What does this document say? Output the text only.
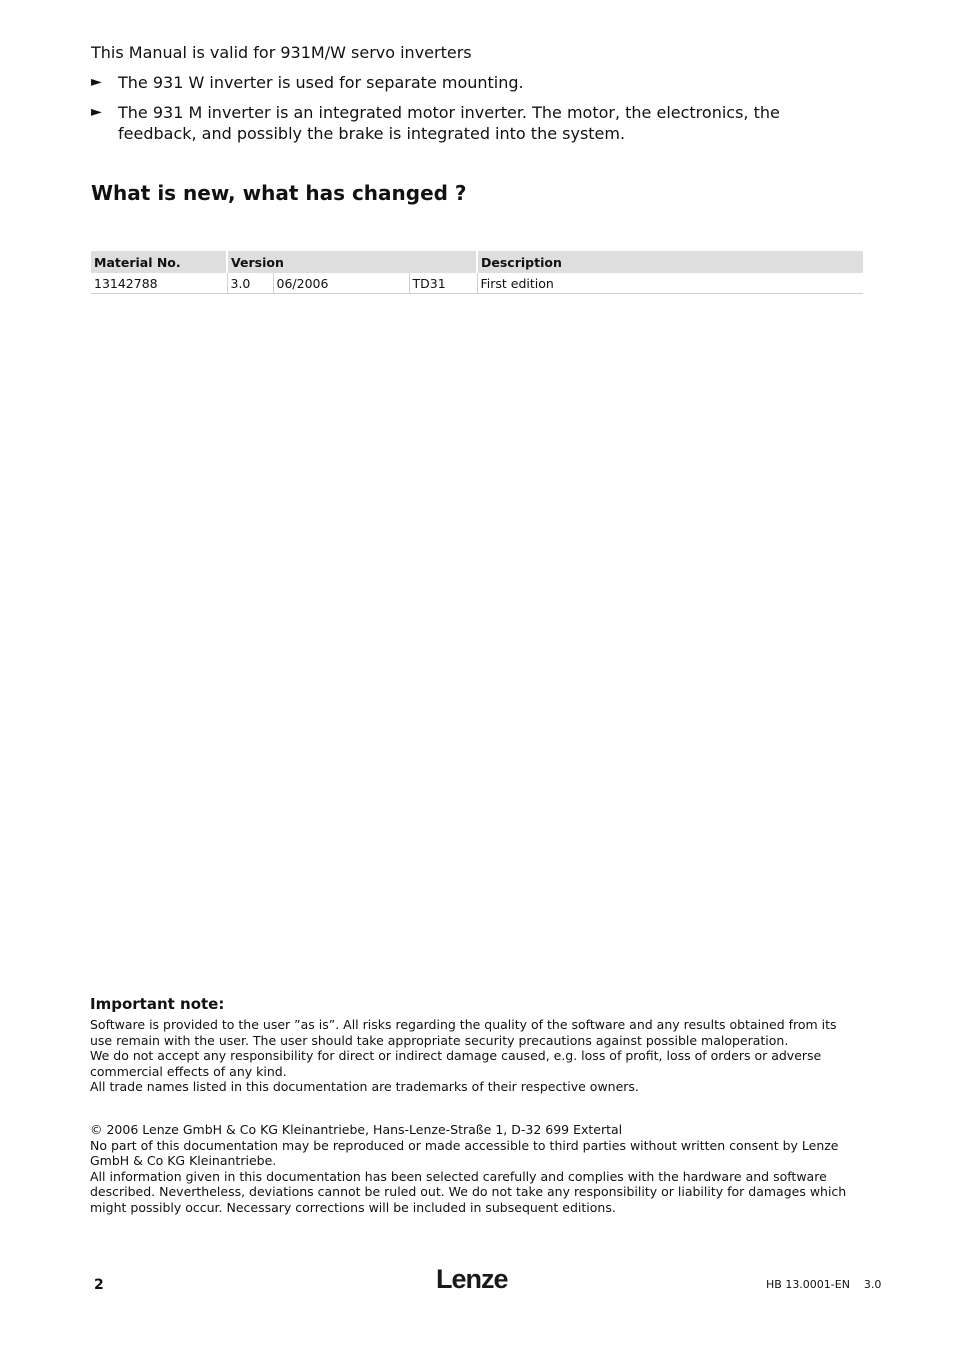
This Manual is valid for 931M/W servo inverters
► The 931 W inverter is used for separate mounting.
► The 931 M inverter is an integrated motor inverter. The motor, the electronics, the feedback, and possibly the brake is integrated into the system.
What is new, what has changed ?
Material No.	Version			Description
13142788	3.0	06/2006	TD31	First edition
Important note:

Software is provided to the user ”as is”. All risks regarding the quality of the software and any results obtained from its use remain with the user. The user should take appropriate security precautions against possible maloperation.

We do not accept any responsibility for direct or indirect damage caused, e.g. loss of profit, loss of orders or adverse commercial effects of any kind.

All trade names listed in this documentation are trademarks of their respective owners.

© 2006 Lenze GmbH & Co KG Kleinantriebe, Hans-Lenze-Straße 1, D-32 699 Extertal

No part of this documentation may be reproduced or made accessible to third parties without written consent by Lenze GmbH & Co KG Kleinantriebe.

All information given in this documentation has been selected carefully and complies with the hardware and software described. Nevertheless, deviations cannot be ruled out. We do not take any responsibility or liability for damages which might possibly occur. Necessary corrections will be included in subsequent editions.

2	Lenze	HB 13.0001-EN    3.0
